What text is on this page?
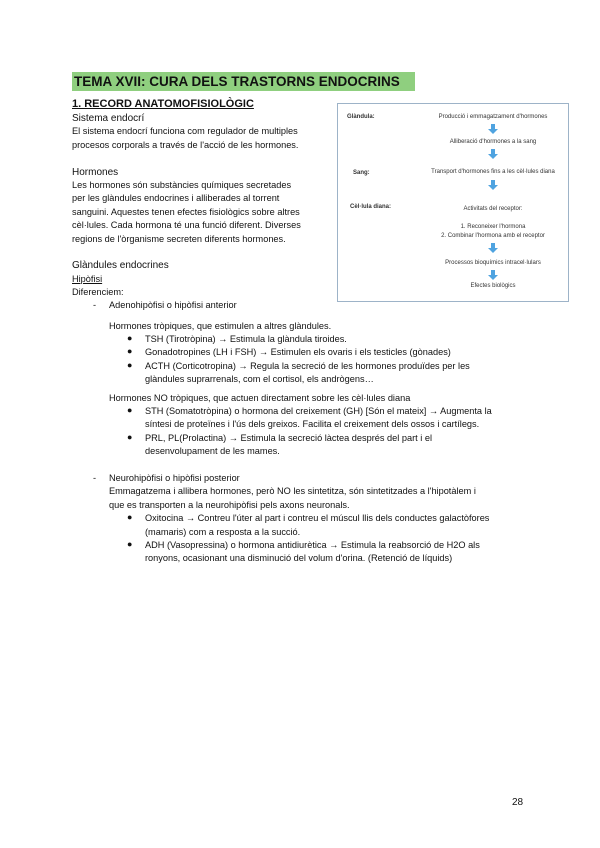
TEMA XVII: CURA DELS TRASTORNS ENDOCRINS
1. RECORD ANATOMOFISIOLÒGIC
Sistema endocrí
El sistema endocrí funciona com regulador de multiples
procesos corporals a través de l'acció de les hormones.
Hormones
Les hormones són substàncies químiques secretades
per les glàndules endocrines i alliberades al torrent
sanguini. Aquestes tenen efectes fisiològics sobre altres
cèl·lules. Cada hormona té una funció diferent. Diverses
regions de l'òrganisme secreten diferents hormones.
Glàndules endocrines
Hipòfisi
Diferenciem:
Glàndula:
Sang:
Cèl·lula diana:
Producció i emmagatzament d'hormones
Alliberació d'hormones a la sang
Transport d'hormones fins a les cèl·lules diana
Activitats del receptor:
1. Reconeixer l'hormona
2. Combinar l'hormona amb el receptor
Processos bioquímics intracel·lulars
Efectes biològics
- Adenohipòfisi o hipòfisi anterior
Hormones tròpiques, que estimulen a altres glàndules.
● TSH (Tirotròpina) → Estimula la glàndula tiroides.
● Gonadotropines (LH i FSH) → Estimulen els ovaris i els testicles (gònades)
● ACTH (Corticotropina) → Regula la secreció de les hormones produïdes per les
glàndules suprarrenals, com el cortisol, els andrògens…
Hormones NO tròpiques, que actuen directament sobre les cèl·lules diana
● STH (Somatotròpina) o hormona del creixement (GH) [Són el mateix] → Augmenta la
síntesi de proteïnes i l'ús dels greixos. Facilita el creixement dels ossos i cartílegs.
● PRL, PL(Prolactina) → Estimula la secreció làctea després del part i el
desenvolupament de les mames.
- Neurohipòfisi o hipòfisi posterior
Emmagatzema i allibera hormones, però NO les sintetitza, són sintetitzades a l'hipotàlem i
que es transporten a la neurohipòfisi pels axons neuronals.
● Oxitocina → Contreu l'úter al part i contreu el múscul llis dels conductes galactòfores
(mamaris) com a resposta a la succió.
● ADH (Vasopressina) o hormona antidiurètica → Estimula la reabsorció de H2O als
ronyons, ocasionant una disminució del volum d'orina. (Retenció de líquids)
28
